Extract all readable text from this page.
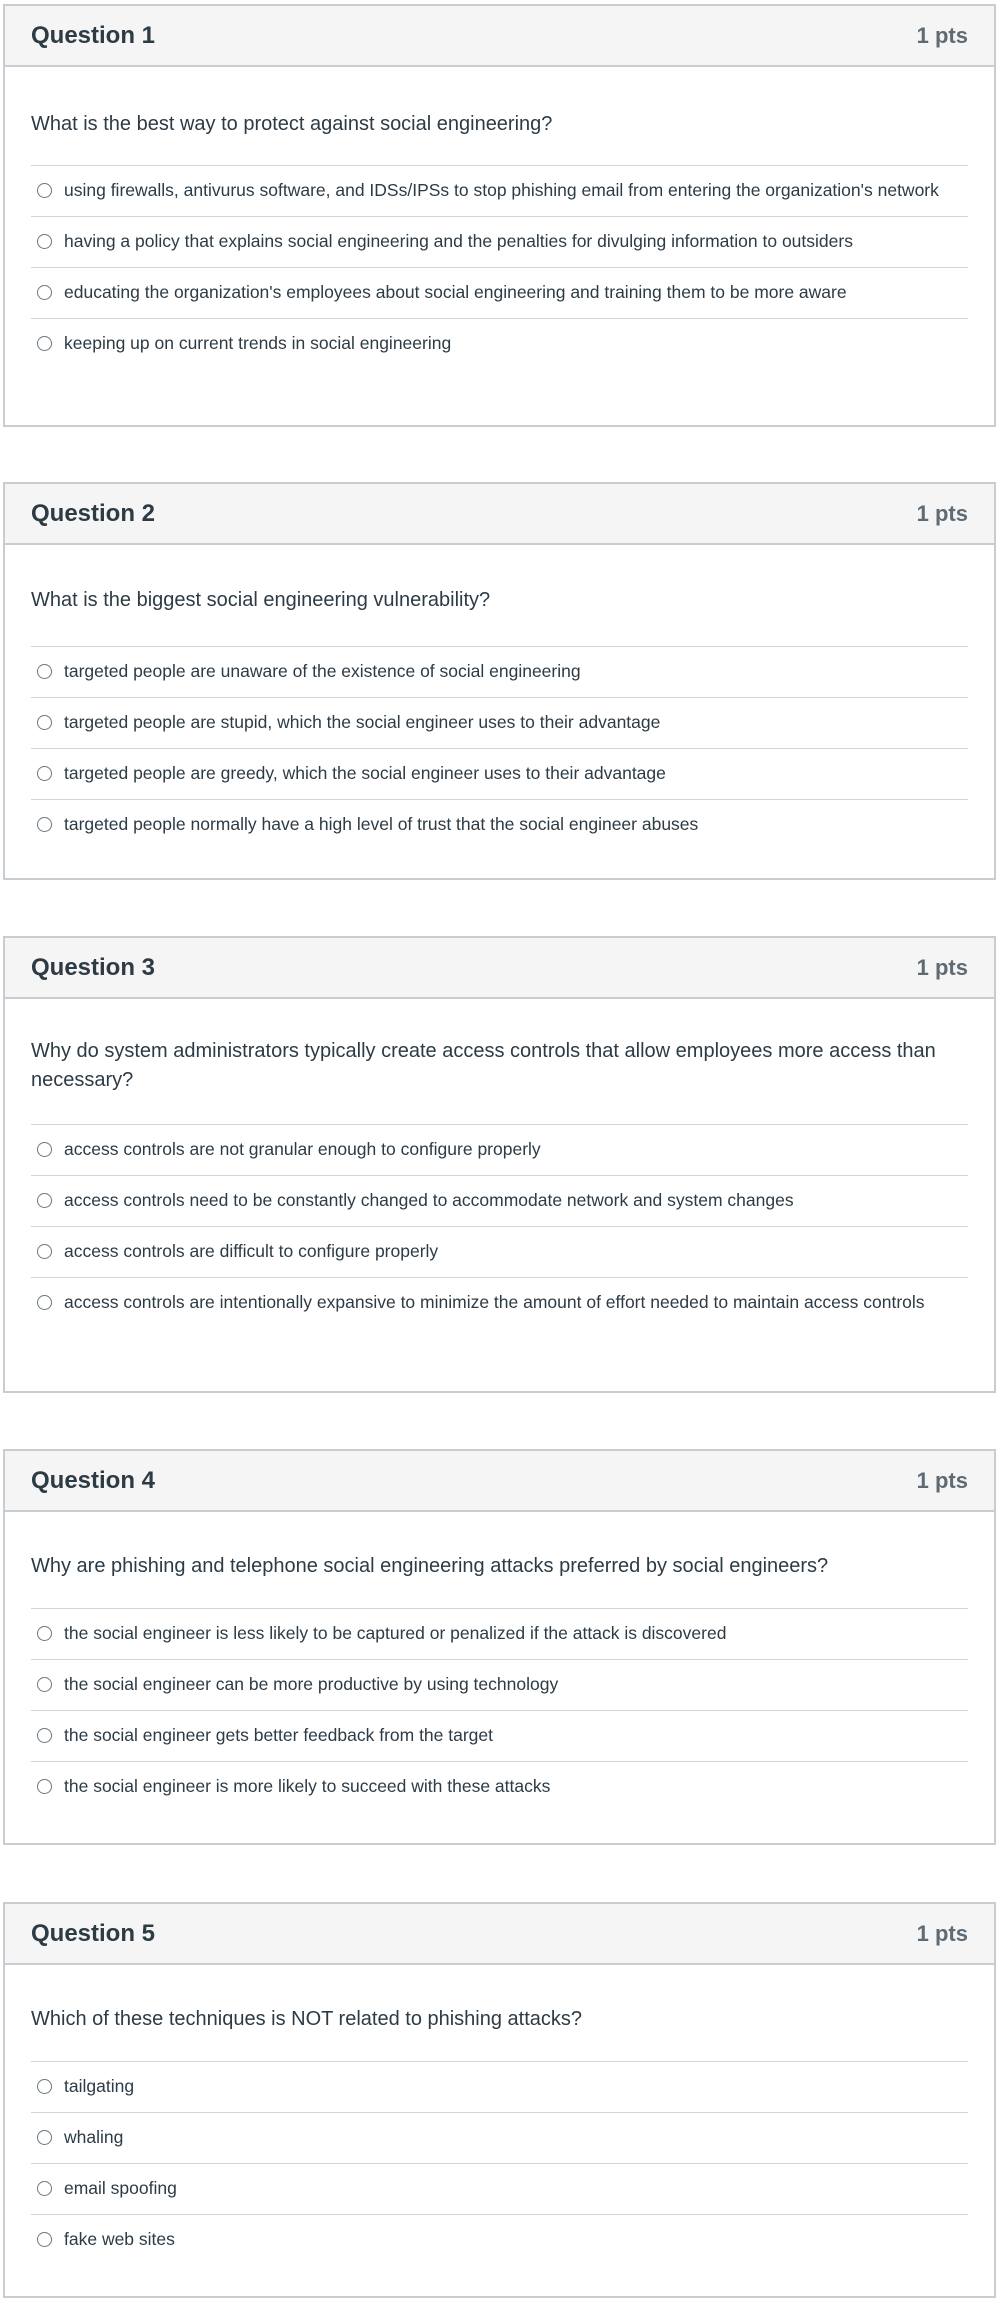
Question 1	1 pts

What is the best way to protect against social engineering?

using firewalls, antivurus software, and IDSs/IPSs to stop phishing email from entering the organization's network
having a policy that explains social engineering and the penalties for divulging information to outsiders
educating the organization's employees about social engineering and training them to be more aware
keeping up on current trends in social engineering
Question 2	1 pts

What is the biggest social engineering vulnerability?

targeted people are unaware of the existence of social engineering
targeted people are stupid, which the social engineer uses to their advantage
targeted people are greedy, which the social engineer uses to their advantage
targeted people normally have a high level of trust that the social engineer abuses
Question 3	1 pts

Why do system administrators typically create access controls that allow employees more access than necessary?

access controls are not granular enough to configure properly
access controls need to be constantly changed to accommodate network and system changes
access controls are difficult to configure properly
access controls are intentionally expansive to minimize the amount of effort needed to maintain access controls
Question 4	1 pts

Why are phishing and telephone social engineering attacks preferred by social engineers?

the social engineer is less likely to be captured or penalized if the attack is discovered
the social engineer can be more productive by using technology
the social engineer gets better feedback from the target
the social engineer is more likely to succeed with these attacks
Question 5	1 pts

Which of these techniques is NOT related to phishing attacks?

tailgating
whaling
email spoofing
fake web sites
